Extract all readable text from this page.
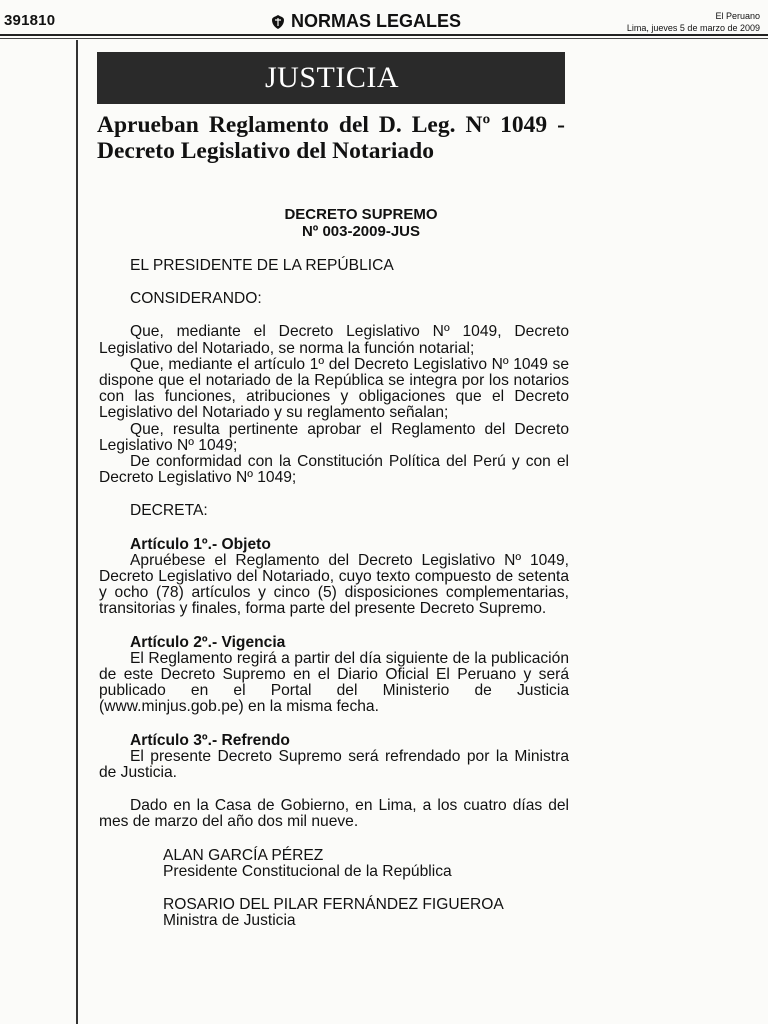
391810	NORMAS LEGALES	El Peruano
Lima, jueves 5 de marzo de 2009
JUSTICIA
Aprueban Reglamento del D. Leg. Nº 1049 - Decreto Legislativo del Notariado
DECRETO SUPREMO
Nº 003-2009-JUS

EL PRESIDENTE DE LA REPÚBLICA

CONSIDERANDO:

Que, mediante el Decreto Legislativo Nº 1049, Decreto Legislativo del Notariado, se norma la función notarial;

Que, mediante el artículo 1º del Decreto Legislativo Nº 1049 se dispone que el notariado de la República se integra por los notarios con las funciones, atribuciones y obligaciones que el Decreto Legislativo del Notariado y su reglamento señalan;

Que, resulta pertinente aprobar el Reglamento del Decreto Legislativo Nº 1049;

De conformidad con la Constitución Política del Perú y con el Decreto Legislativo Nº 1049;

DECRETA:

Artículo 1º.- Objeto

Apruébese el Reglamento del Decreto Legislativo Nº 1049, Decreto Legislativo del Notariado, cuyo texto compuesto de setenta y ocho (78) artículos y cinco (5) disposiciones complementarias, transitorias y finales, forma parte del presente Decreto Supremo.

Artículo 2º.- Vigencia

El Reglamento regirá a partir del día siguiente de la publicación de este Decreto Supremo en el Diario Oficial El Peruano y será publicado en el Portal del Ministerio de Justicia (www.minjus.gob.pe) en la misma fecha.

Artículo 3º.- Refrendo

El presente Decreto Supremo será refrendado por la Ministra de Justicia.

Dado en la Casa de Gobierno, en Lima, a los cuatro días del mes de marzo del año dos mil nueve.

ALAN GARCÍA PÉREZ

Presidente Constitucional de la República

ROSARIO DEL PILAR FERNÁNDEZ FIGUEROA

Ministra de Justicia
